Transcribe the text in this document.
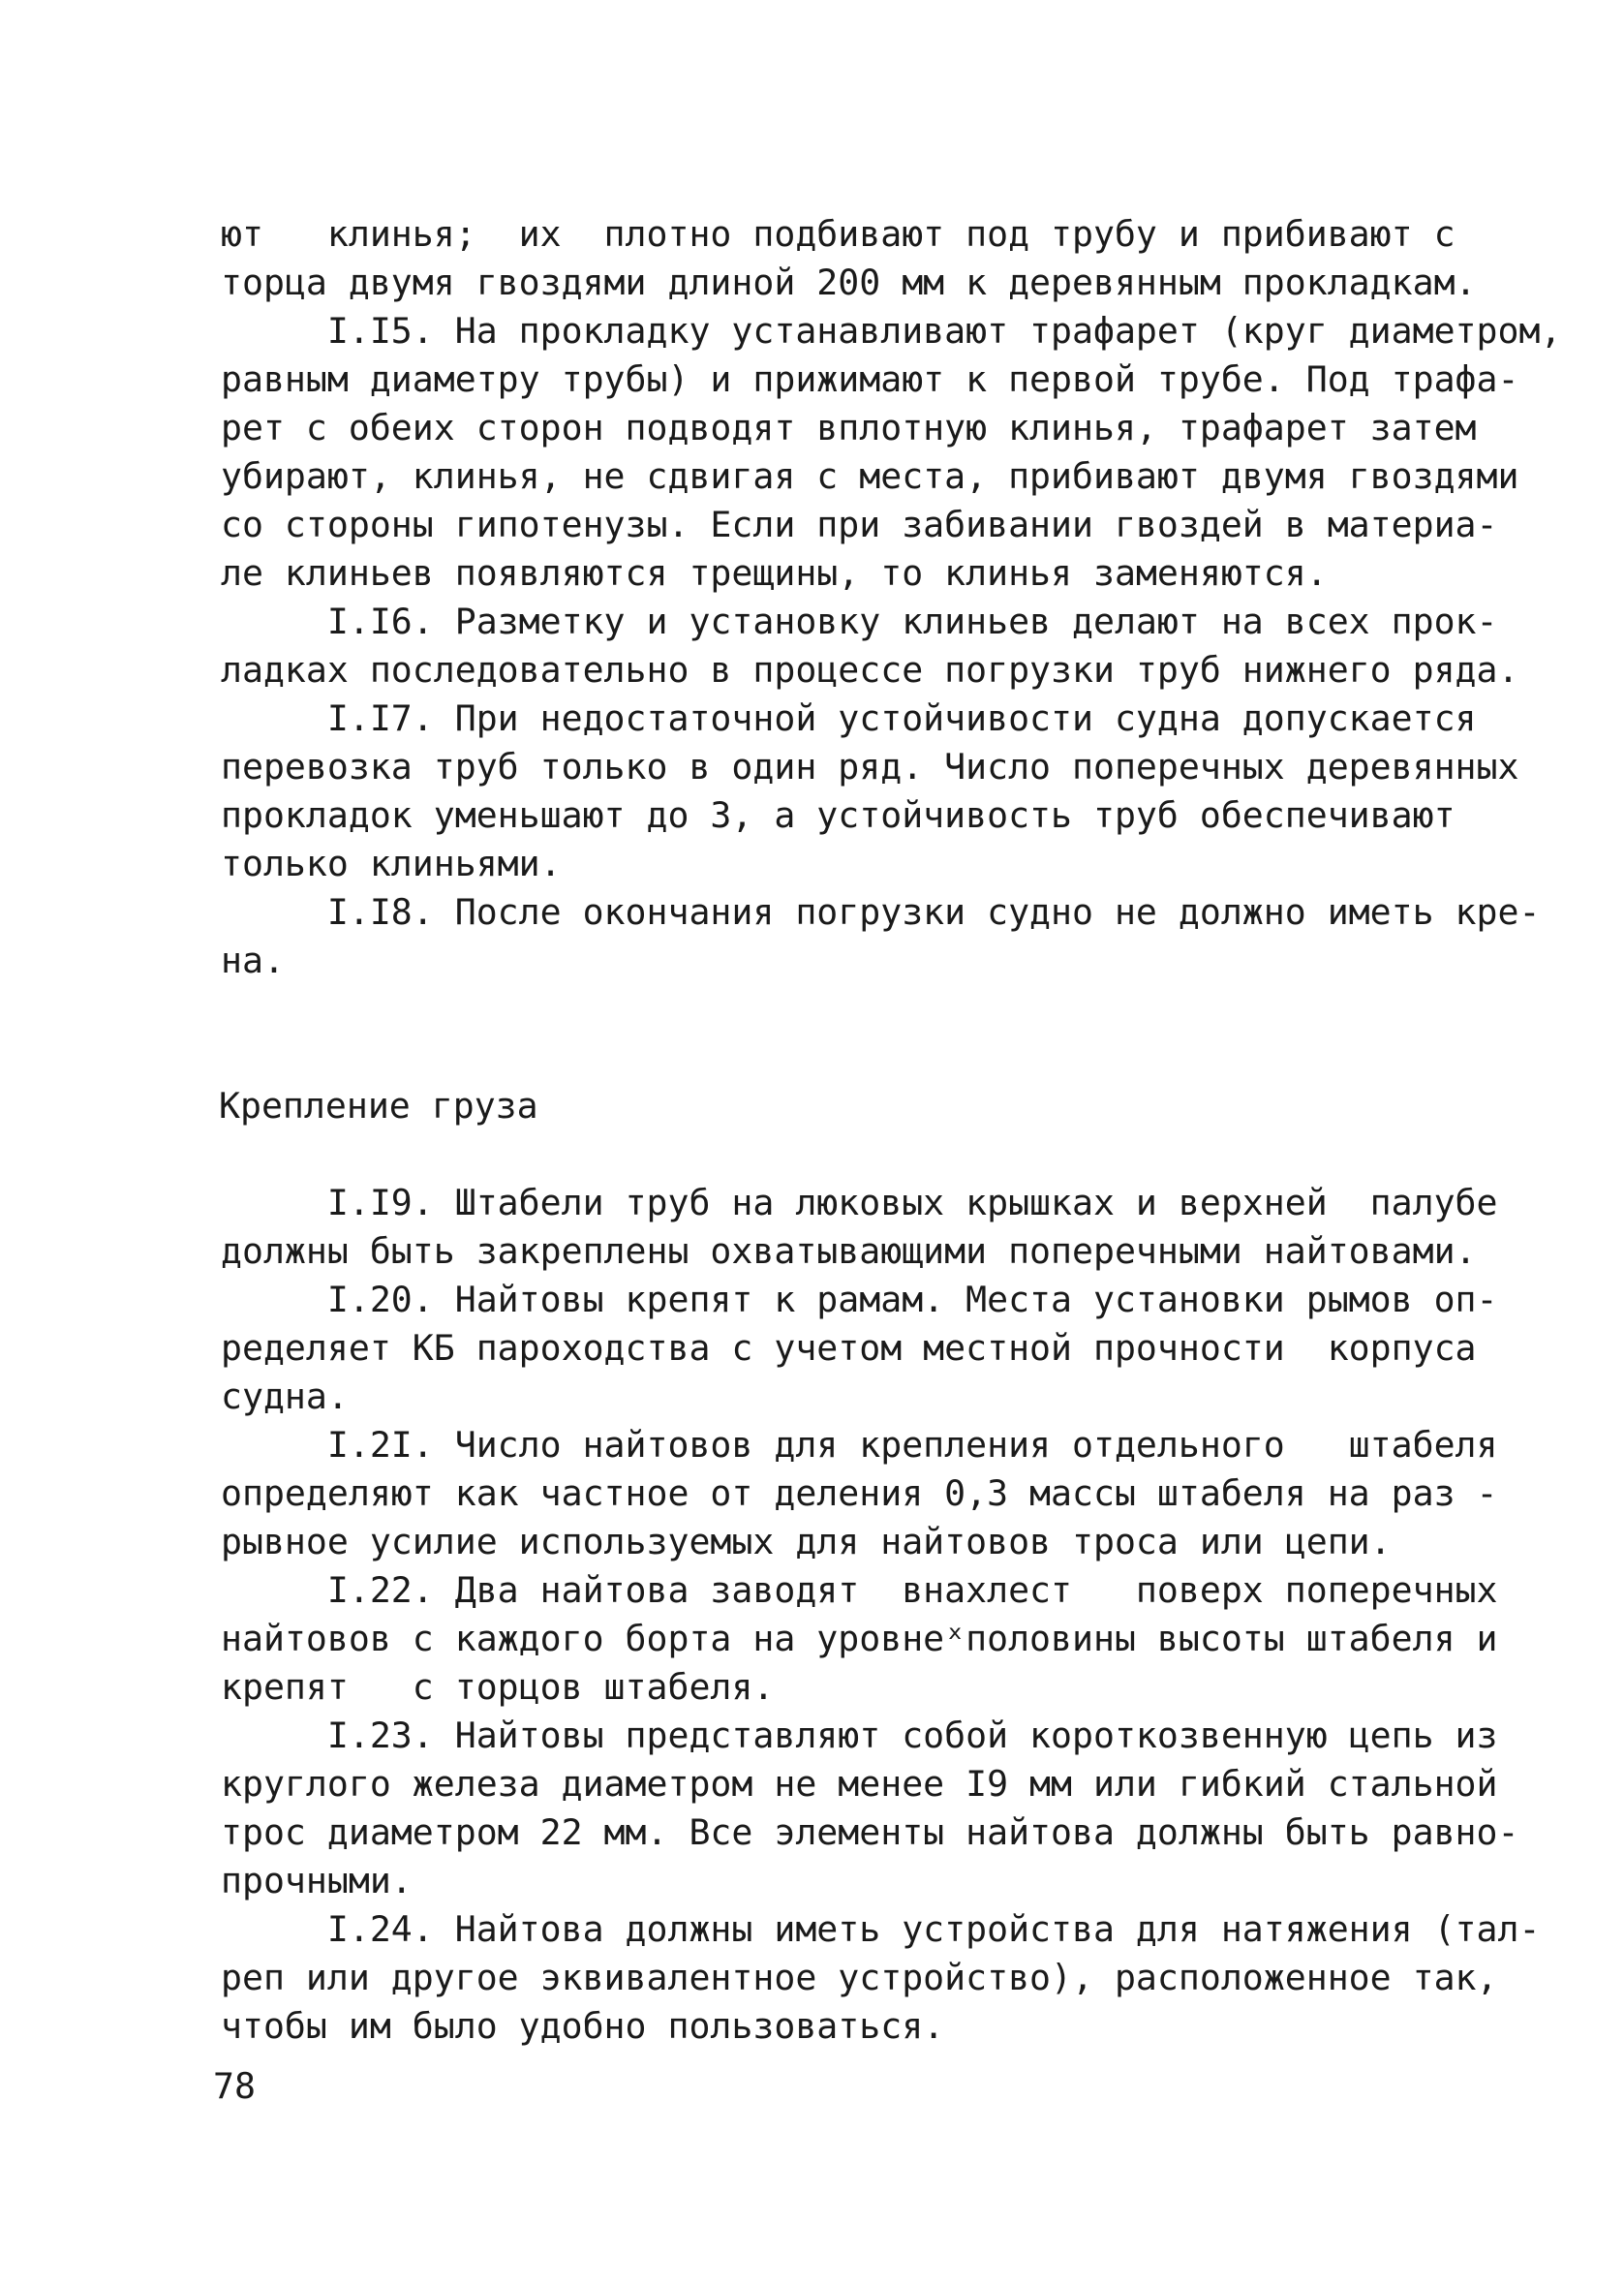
ют   клинья;  их  плотно подбивают под трубу и прибивают с
торца двумя гвоздями длиной 200 мм к деревянным прокладкам.
I.I5. На прокладку устанавливают трафарет (круг диаметром,
равным диаметру трубы) и прижимают к первой трубе. Под трафа-
рет с обеих сторон подводят вплотную клинья, трафарет затем
убирают, клинья, не сдвигая с места, прибивают двумя гвоздями
со стороны гипотенузы. Если при забивании гвоздей в материа-
ле клиньев появляются трещины, то клинья заменяются.
I.I6. Разметку и установку клиньев делают на всех прок-
ладках последовательно в процессе погрузки труб нижнего ряда.
I.I7. При недостаточной устойчивости судна допускается
перевозка труб только в один ряд. Число поперечных деревянных
прокладок уменьшают до 3, а устойчивость труб обеспечивают
только клиньями.
I.I8. После окончания погрузки судно не должно иметь кре-
на.
Крепление груза
I.I9. Штабели труб на люковых крышках и верхней  палубе
должны быть закреплены охватывающими поперечными найтовами.
I.20. Найтовы крепят к рамам. Места установки рымов оп-
ределяет КБ пароходства с учетом местной прочности  корпуса
судна.
I.2I. Число найтовов для крепления отдельного   штабеля
определяют как частное от деления 0,3 массы штабеля на раз -
рывное усилие используемых для найтовов троса или цепи.
I.22. Два найтова заводят  внахлест   поверх поперечных
найтовов с каждого борта на уровнеˣполовины высоты штабеля и
крепят   с торцов штабеля.
I.23. Найтовы представляют собой короткозвенную цепь из
круглого железа диаметром не менее I9 мм или гибкий стальной
трос диаметром 22 мм. Все элементы найтова должны быть равно-
прочными.
I.24. Найтова должны иметь устройства для натяжения (тал-
реп или другое эквивалентное устройство), расположенное так,
чтобы им было удобно пользоваться.
78
